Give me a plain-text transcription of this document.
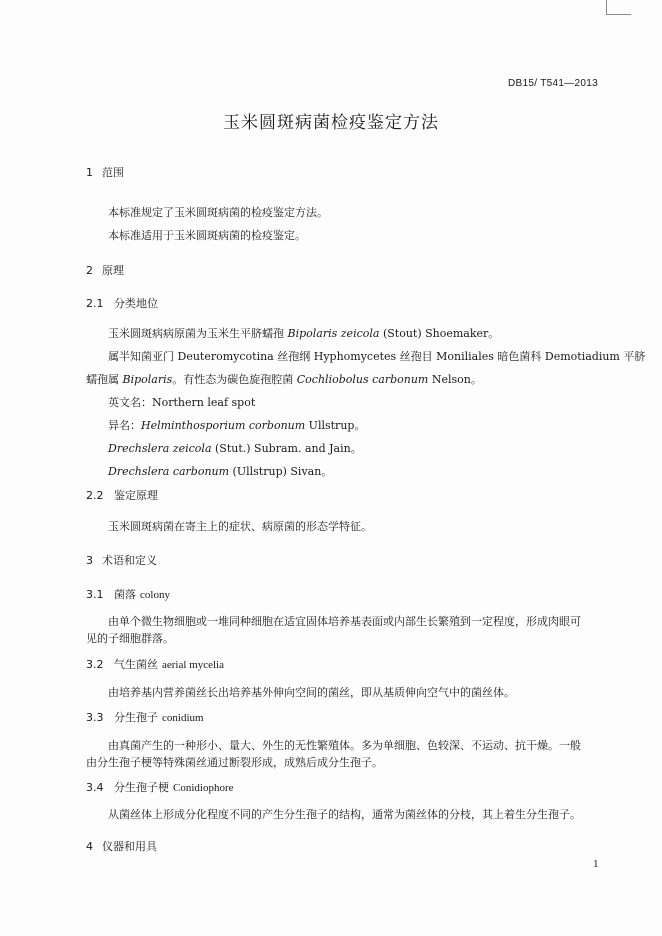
DB15/ T541—2013
玉米圆斑病菌检疫鉴定方法
1 范围
本标准规定了玉米圆斑病菌的检疫鉴定方法。
本标准适用于玉米圆斑病菌的检疫鉴定。
2 原理
2.1 分类地位
玉米圆斑病病原菌为玉米生平脐蠕孢 Bipolaris zeicola (Stout) Shoemaker。
属半知菌亚门 Deuteromycotina 丝孢纲 Hyphomycetes 丝孢目 Moniliales 暗色菌科 Demotiadium 平脐
蠕孢属 Bipolaris。有性态为碳色旋孢腔菌 Cochliobolus carbonum Nelson。
英文名：Northern leaf spot
异名：Helminthosporium corbonum Ullstrup。
Drechslera zeicola (Stut.) Subram. and Jain。
Drechslera carbonum (Ullstrup) Sivan。
2.2 鉴定原理
玉米圆斑病菌在寄主上的症状、病原菌的形态学特征。
3 术语和定义
3.1 菌落 colony
由单个微生物细胞或一堆同种细胞在适宜固体培养基表面或内部生长繁殖到一定程度，形成肉眼可
见的子细胞群落。
3.2 气生菌丝 aerial mycelia
由培养基内营养菌丝长出培养基外伸向空间的菌丝，即从基质伸向空气中的菌丝体。
3.3 分生孢子 conidium
由真菌产生的一种形小、量大、外生的无性繁殖体。多为单细胞、色较深、不运动、抗干燥。一般
由分生孢子梗等特殊菌丝通过断裂形成，成熟后成分生孢子。
3.4 分生孢子梗 Conidiophore
从菌丝体上形成分化程度不同的产生分生孢子的结构，通常为菌丝体的分枝，其上着生分生孢子。
4 仪器和用具
1
